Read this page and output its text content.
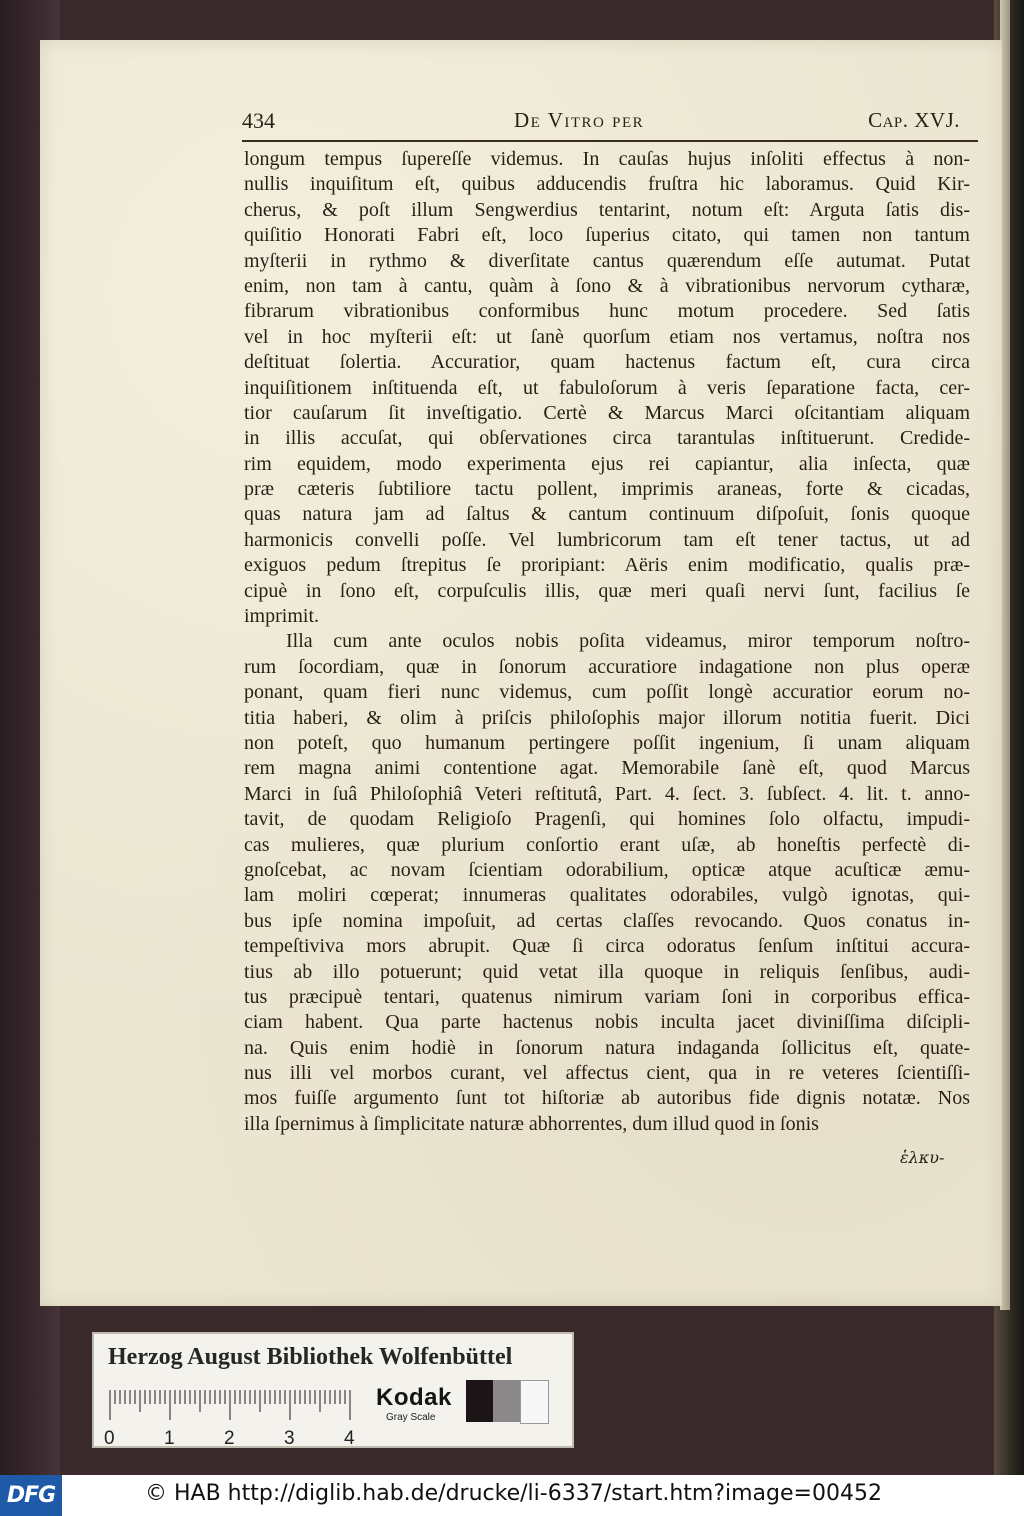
434	De Vitro per	Cap. XVJ.
longum tempus ſupereſſe videmus. In cauſas hujus inſoliti effectus à non-
nullis inquiſitum eſt, quibus adducendis fruſtra hic laboramus. Quid Kir-
cherus, & poſt illum Sengwerdius tentarint, notum eſt: Arguta ſatis dis-
quiſitio Honorati Fabri eſt, loco ſuperius citato, qui tamen non tantum
myſterii in rythmo & diverſitate cantus quærendum eſſe autumat. Putat
enim, non tam à cantu, quàm à ſono & à vibrationibus nervorum cytharæ,
fibrarum vibrationibus conformibus hunc motum procedere. Sed ſatis
vel in hoc myſterii eſt: ut ſanè quorſum etiam nos vertamus, noſtra nos
deſtituat ſolertia. Accuratior, quam hactenus factum eſt, cura circa
inquiſitionem inſtituenda eſt, ut fabuloſorum à veris ſeparatione facta, cer-
tior cauſarum ſit inveſtigatio. Certè & Marcus Marci oſcitantiam aliquam
in illis accuſat, qui obſervationes circa tarantulas inſtituerunt. Credide-
rim equidem, modo experimenta ejus rei capiantur, alia inſecta, quæ
præ cæteris ſubtiliore tactu pollent, imprimis araneas, forte & cicadas,
quas natura jam ad ſaltus & cantum continuum diſpoſuit, ſonis quoque
harmonicis convelli poſſe. Vel lumbricorum tam eſt tener tactus, ut ad
exiguos pedum ſtrepitus ſe proripiant: Aëris enim modificatio, qualis præ-
cipuè in ſono eſt, corpuſculis illis, quæ meri quaſi nervi ſunt, facilius ſe
imprimit.
Illa cum ante oculos nobis poſita videamus, miror temporum noſtro-
rum ſocordiam, quæ in ſonorum accuratiore indagatione non plus operæ
ponant, quam fieri nunc videmus, cum poſſit longè accuratior eorum no-
titia haberi, & olim à priſcis philoſophis major illorum notitia fuerit. Dici
non poteſt, quo humanum pertingere poſſit ingenium, ſi unam aliquam
rem magna animi contentione agat. Memorabile ſanè eſt, quod Marcus
Marci in ſuâ Philoſophiâ Veteri reſtitutâ, Part. 4. ſect. 3. ſubſect. 4. lit. t. anno-
tavit, de quodam Religioſo Pragenſi, qui homines ſolo olfactu, impudi-
cas mulieres, quæ plurium conſortio erant uſæ, ab honeſtis perfectè di-
gnoſcebat, ac novam ſcientiam odorabilium, opticæ atque acuſticæ æmu-
lam moliri cœperat; innumeras qualitates odorabiles, vulgò ignotas, qui-
bus ipſe nomina impoſuit, ad certas claſſes revocando. Quos conatus in-
tempeſtiviva mors abrupit. Quæ ſi circa odoratus ſenſum inſtitui accura-
tius ab illo potuerunt; quid vetat illa quoque in reliquis ſenſibus, audi-
tus præcipuè tentari, quatenus nimirum variam ſoni in corporibus effica-
ciam habent. Qua parte hactenus nobis inculta jacet diviniſſima diſcipli-
na. Quis enim hodiè in ſonorum natura indaganda ſollicitus eſt, quate-
nus illi vel morbos curant, vel affectus cient, qua in re veteres ſcientiſſi-
mos fuiſſe argumento ſunt tot hiſtoriæ ab autoribus fide dignis notatæ. Nos
illa ſpernimus à ſimplicitate naturæ abhorrentes, dum illud quod in ſonis
ἑλκυ-
Herzog August Bibliothek Wolfenbüttel
0	1	2	3	4
Kodak
Gray Scale
DFG	© HAB http://diglib.hab.de/drucke/li-6337/start.htm?image=00452
